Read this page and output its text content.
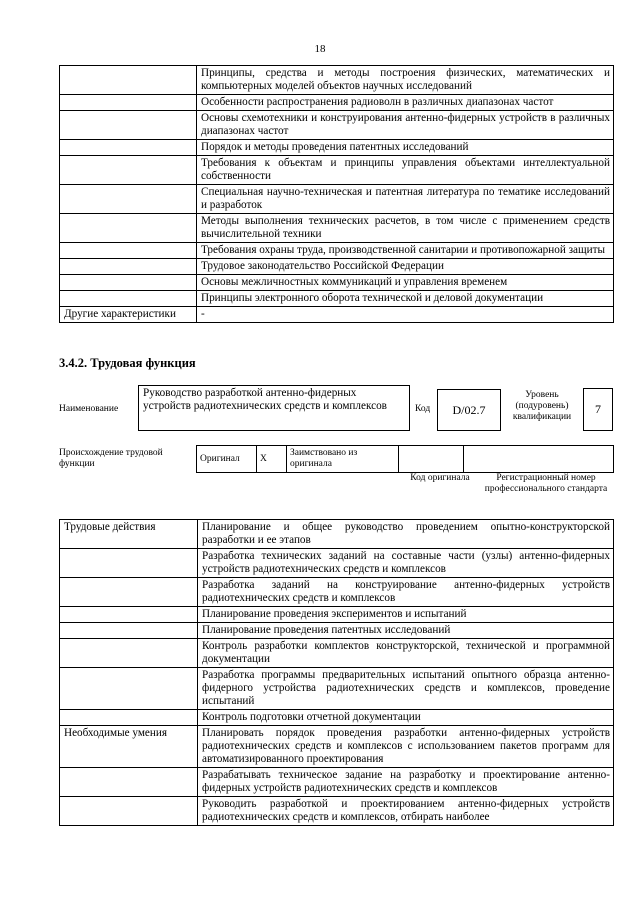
18
	Принципы, средства и методы построения физических, математических и компьютерных моделей объектов научных исследований
	Особенности распространения радиоволн в различных диапазонах частот
	Основы схемотехники и конструирования антенно-фидерных устройств в различных диапазонах частот
	Порядок и методы проведения патентных исследований
	Требования к объектам и принципы управления объектами интеллектуальной собственности
	Специальная научно-техническая и патентная литература по тематике исследований и разработок
	Методы выполнения технических расчетов, в том числе с применением средств вычислительной техники
	Требования охраны труда, производственной санитарии и противопожарной защиты
	Трудовое законодательство Российской Федерации
	Основы межличностных коммуникаций и управления временем
	Принципы электронного оборота технической и деловой документации
Другие характеристики	-
3.4.2. Трудовая функция
Наименование
Руководство разработкой антенно-фидерных устройств радиотехнических средств и комплексов	Код	D/02.7
Уровень (подуровень) квалификации
7
Происхождение трудовой функции
Оригинал	X	Заимствовано из оригинала		
Код оригинала	Регистрационный номер профессионального стандарта
Трудовые действия	Планирование и общее руководство проведением опытно-конструкторской разработки и ее этапов
	Разработка технических заданий на составные части (узлы) антенно-фидерных устройств радиотехнических средств и комплексов
	Разработка заданий на конструирование антенно-фидерных устройств радиотехнических средств и комплексов
	Планирование проведения экспериментов и испытаний
	Планирование проведения патентных исследований
	Контроль разработки комплектов конструкторской, технической и программной документации
	Разработка программы предварительных испытаний опытного образца антенно-фидерного устройства радиотехнических средств и комплексов, проведение испытаний
	Контроль подготовки отчетной документации
Необходимые умения	Планировать порядок проведения разработки антенно-фидерных устройств радиотехнических средств и комплексов с использованием пакетов программ для автоматизированного проектирования
	Разрабатывать техническое задание на разработку и проектирование антенно-фидерных устройств радиотехнических средств и комплексов
	Руководить разработкой и проектированием антенно-фидерных устройств радиотехнических средств и комплексов, отбирать наиболее
